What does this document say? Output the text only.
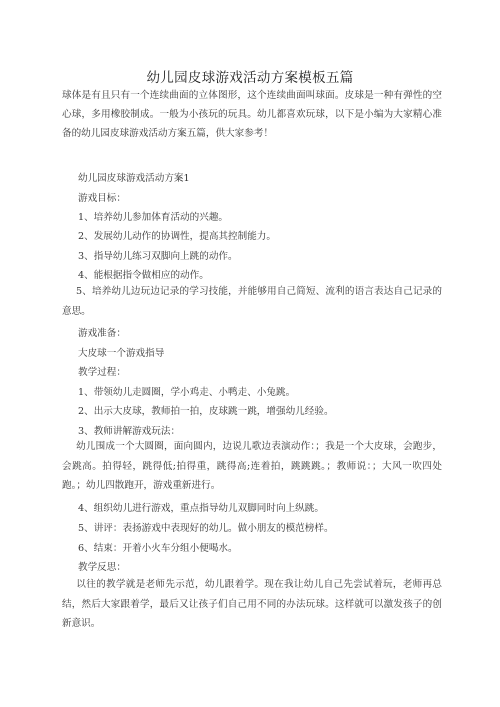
幼儿园皮球游戏活动方案模板五篇
球体是有且只有一个连续曲面的立体图形，这个连续曲面叫球面。皮球是一种有弹性的空心球，多用橡胶制成。一般为小孩玩的玩具。幼儿都喜欢玩球，以下是小编为大家精心准备的幼儿园皮球游戏活动方案五篇，供大家参考！
幼儿园皮球游戏活动方案1
游戏目标：
1、培养幼儿参加体育活动的兴趣。
2、发展幼儿动作的协调性，提高其控制能力。
3、指导幼儿练习双脚向上跳的动作。
4、能根据指令做相应的动作。
5、培养幼儿边玩边记录的学习技能，并能够用自己简短、流利的语言表达自己记录的意思。
游戏准备：
大皮球一个游戏指导
教学过程：
1、带领幼儿走圆圈，学小鸡走、小鸭走、小兔跳。
2、出示大皮球，教师拍一拍，皮球跳一跳，增强幼儿经验。
3、教师讲解游戏玩法：
幼儿围成一个大圆圈，面向圆内，边说儿歌边表演动作：；我是一个大皮球，会跑步，会跳高。拍得轻，跳得低;拍得重，跳得高;连着拍，跳跳跳。；教师说：；大风一吹四处跑。；幼儿四散跑开，游戏重新进行。
4、组织幼儿进行游戏，重点指导幼儿双脚同时向上纵跳。
5、讲评：表扬游戏中表现好的幼儿。做小朋友的模范榜样。
6、结束：开着小火车分组小便喝水。
教学反思：
以往的教学就是老师先示范，幼儿跟着学。现在我让幼儿自己先尝试着玩，老师再总结，然后大家跟着学，最后又让孩子们自己用不同的办法玩球。这样就可以激发孩子的创新意识。
